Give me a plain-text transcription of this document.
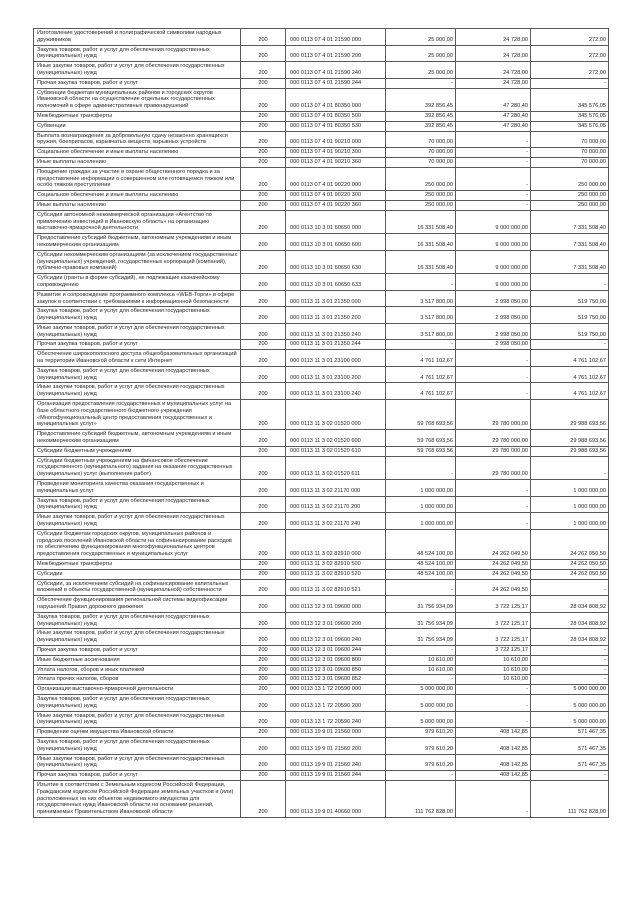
Изготовление удостоверений и полиграфической символики народных дружинников	200	000 0113 07 4 01 21590 000	25 000,00	24 728,00	272,00
Закупка товаров, работ и услуг для обеспечения государственных (муниципальных) нужд	200	000 0113 07 4 01 21590 200	25 000,00	24 728,00	272,00
Иные закупки товаров, работ и услуг для обеспечения государственных (муниципальных) нужд	200	000 0113 07 4 01 21590 240	25 000,00	24 728,00	272,00
Прочая закупка товаров, работ и услуг	200	000 0113 07 4 01 21590 244	-	24 728,00	-
Субвенции бюджетам муниципальных районов и городских округов Ивановской области на осуществление отдельных государственных полномочий в сфере административных правонарушений	200	000 0113 07 4 01 80350 000	392 856,45	47 280,40	345 576,05
Межбюджетные трансферты	200	000 0113 07 4 01 80350 500	392 856,45	47 280,40	345 576,05
Субвенции	200	000 0113 07 4 01 80350 530	392 856,45	47 280,40	345 576,05
Выплата вознаграждения за добровольную сдачу незаконно хранящихся оружия, боеприпасов, взрывчатых веществ, взрывных устройств	200	000 0113 07 4 01 90210 000	70 000,00	-	70 000,00
Социальное обеспечение и иные выплаты населению	200	000 0113 07 4 01 90210 300	70 000,00	-	70 000,00
Иные выплаты населению	200	000 0113 07 4 01 90210 360	70 000,00	-	70 000,00
Поощрение граждан за участие в охране общественного порядка и за предоставление информации о совершенном или готовящемся тяжком или особо тяжком преступлении	200	000 0113 07 4 01 90220 000	250 000,00	-	250 000,00
Социальное обеспечение и иные выплаты населению	200	000 0113 07 4 01 90220 300	250 000,00	-	250 000,00
Иные выплаты населению	200	000 0113 07 4 01 90220 360	250 000,00	-	250 000,00
Субсидия автономной некоммерческой организации «Агентство по привлечению инвестиций в Ивановскую область» на организацию выставочно-ярмарочной деятельности	200	000 0113 10 3 01 60650 000	16 331 508,40	9 000 000,00	7 331 508,40
Предоставление субсидий бюджетным, автономным учреждениям и иным некоммерческим организациям	200	000 0113 10 3 01 60650 600	16 331 508,40	9 000 000,00	7 331 508,40
Субсидии некоммерческим организациям (за исключением государственных (муниципальных) учреждений, государственных корпораций (компаний), публично-правовых компаний)	200	000 0113 10 3 01 60650 630	16 331 508,40	9 000 000,00	7 331 508,40
Субсидии (гранты в форме субсидий), не подлежащие казначейскому сопровождению	200	000 0113 10 3 01 60650 633	-	9 000 000,00	-
Развитие и сопровождение программного комплекса «WEB-Торги» в сфере закупок в соответствии с требованиями к информационной безопасности	200	000 0113 11 3 01 21350 000	3 517 800,00	2 998 050,00	519 750,00
Закупка товаров, работ и услуг для обеспечения государственных (муниципальных) нужд	200	000 0113 11 3 01 21350 200	3 517 800,00	2 998 050,00	519 750,00
Иные закупки товаров, работ и услуг для обеспечения государственных (муниципальных) нужд	200	000 0113 11 3 01 21350 240	3 517 800,00	2 998 050,00	519 750,00
Прочая закупка товаров, работ и услуг	200	000 0113 11 3 01 21350 244	-	2 998 050,00	-
Обеспечение широкополосного доступа общеобразовательных организаций на территории Ивановской области к сети Интернет	200	000 0113 11 3 01 23100 000	4 761 102,67	-	4 761 102,67
Закупка товаров, работ и услуг для обеспечения государственных (муниципальных) нужд	200	000 0113 11 3 01 23100 200	4 761 102,67	-	4 761 102,67
Иные закупки товаров, работ и услуг для обеспечения государственных (муниципальных) нужд	200	000 0113 11 3 01 23100 240	4 761 102,67	-	4 761 102,67
Организация предоставления государственных и муниципальных услуг на базе областного государственного бюджетного учреждения «Многофункциональный центр предоставления государственных и муниципальных услуг»	200	000 0113 11 3 02 01520 000	59 768 693,56	29 780 000,00	29 988 693,56
Предоставление субсидий бюджетным, автономным учреждениям и иным некоммерческим организациям	200	000 0113 11 3 02 01520 600	59 768 693,56	29 780 000,00	29 988 693,56
Субсидии бюджетным учреждениям	200	000 0113 11 3 02 01520 610	59 768 693,56	29 780 000,00	29 988 693,56
Субсидии бюджетным учреждениям на финансовое обеспечение государственного (муниципального) задания на оказание государственных (муниципальных) услуг (выполнение работ)	200	000 0113 11 3 02 01520 611	-	29 780 000,00	-
Проведение мониторинга качества оказания государственных и муниципальных услуг	200	000 0113 11 3 02 21170 000	1 000 000,00	-	1 000 000,00
Закупка товаров, работ и услуг для обеспечения государственных (муниципальных) нужд	200	000 0113 11 3 02 21170 200	1 000 000,00	-	1 000 000,00
Иные закупки товаров, работ и услуг для обеспечения государственных (муниципальных) нужд	200	000 0113 11 3 02 21170 240	1 000 000,00	-	1 000 000,00
Субсидии бюджетам городских округов, муниципальных районов и городских поселений Ивановской области на софинансирование расходов по обеспечению функционирования многофункциональных центров предоставления государственных и муниципальных услуг	200	000 0113 11 3 02 82910 000	48 524 100,00	24 262 049,50	24 262 050,50
Межбюджетные трансферты	200	000 0113 11 3 02 82910 500	48 524 100,00	24 262 049,50	24 262 050,50
Субсидии	200	000 0113 11 3 02 82910 520	48 524 100,00	24 262 049,50	24 262 050,50
Субсидии, за исключением субсидий на софинансирование капитальных вложений в объекты государственной (муниципальной) собственности	200	000 0113 11 3 02 82910 521	-	24 262 049,50	-
Обеспечение функционирования региональной системы видеофиксации нарушений Правил дорожного движения	200	000 0113 12 3 01 09600 000	31 756 934,09	3 722 125,17	28 034 808,92
Закупка товаров, работ и услуг для обеспечения государственных (муниципальных) нужд	200	000 0113 12 3 01 09600 200	31 756 934,09	3 722 125,17	28 034 808,92
Иные закупки товаров, работ и услуг для обеспечения государственных (муниципальных) нужд	200	000 0113 12 3 01 09600 240	31 756 934,09	3 722 125,17	28 034 808,92
Прочая закупка товаров, работ и услуг	200	000 0113 12 3 01 09600 244	-	3 722 125,17	-
Иные бюджетные ассигнования	200	000 0113 12 3 01 09600 800	10 610,00	10 610,00	-
Уплата налогов, сборов и иных платежей	200	000 0113 12 3 01 09600 850	10 610,00	10 610,00	-
Уплата прочих налогов, сборов	200	000 0113 12 3 01 09600 852	-	10 610,00	-
Организация выставочно-ярмарочной деятельности	200	000 0113 13 1 72 20590 000	5 000 000,00	-	5 000 000,00
Закупка товаров, работ и услуг для обеспечения государственных (муниципальных) нужд	200	000 0113 13 1 72 20590 200	5 000 000,00	-	5 000 000,00
Иные закупки товаров, работ и услуг для обеспечения государственных (муниципальных) нужд	200	000 0113 13 1 72 20590 240	5 000 000,00	-	5 000 000,00
Проведение оценки имущества Ивановской области	200	000 0113 19 9 01 21560 000	979 610,20	408 142,85	571 467,35
Закупка товаров, работ и услуг для обеспечения государственных (муниципальных) нужд	200	000 0113 19 9 01 21560 200	979 610,20	408 142,85	571 467,35
Иные закупки товаров, работ и услуг для обеспечения государственных (муниципальных) нужд	200	000 0113 19 9 01 21560 240	979 610,20	408 142,85	571 467,35
Прочая закупка товаров, работ и услуг	200	000 0113 19 9 01 21560 244	-	408 142,85	-
Изъятие в соответствии с Земельным кодексом Российской Федерации, Гражданским кодексом Российской Федерации земельных участков и (или) расположенных на них объектов недвижимого имущества для государственных нужд Ивановской области на основании решений, принимаемых Правительством Ивановской области	200	000 0113 19 9 01 40660 000	111 762 828,00	-	111 762 828,00
